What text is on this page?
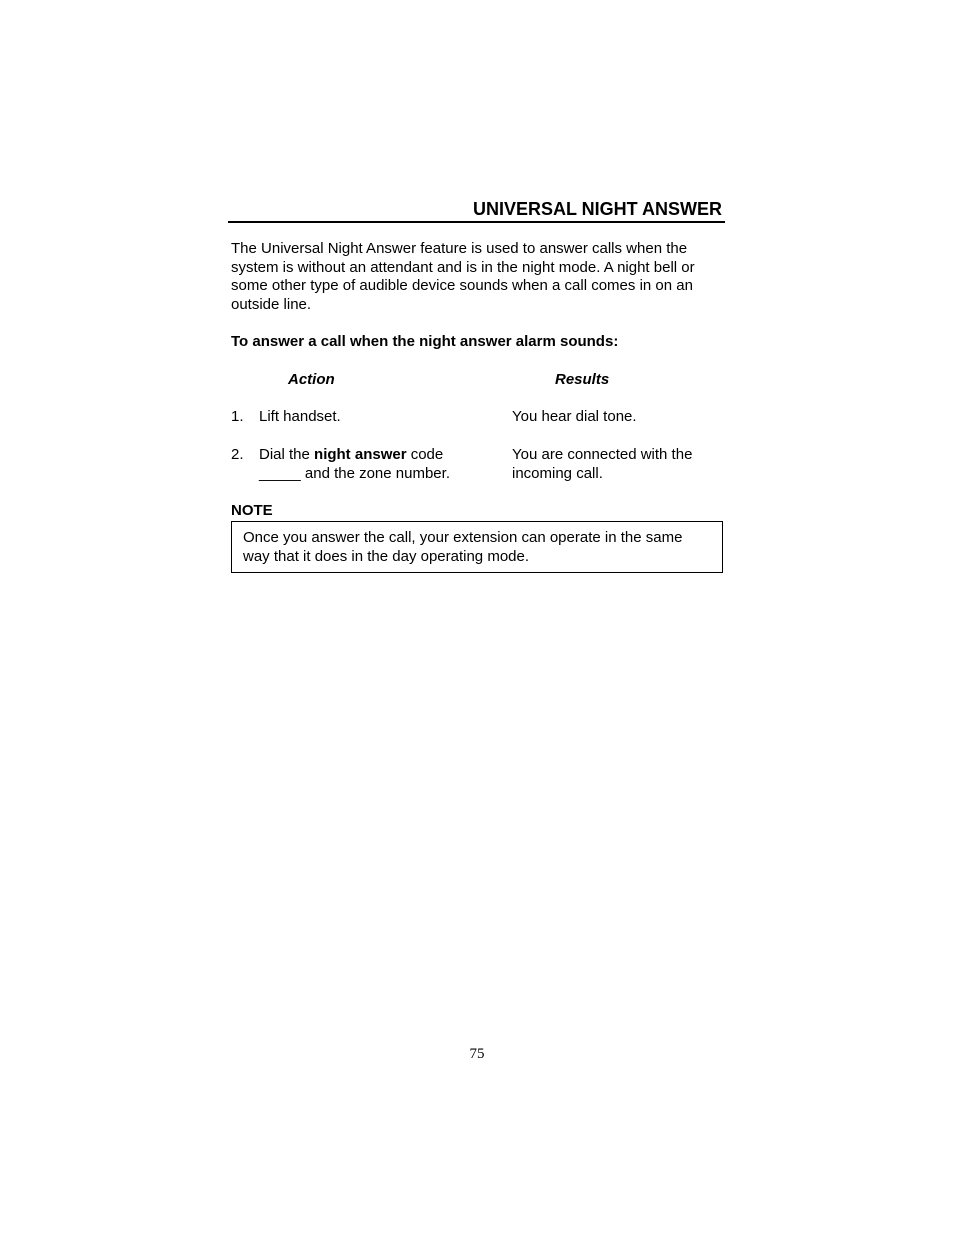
UNIVERSAL NIGHT ANSWER

The Universal Night Answer feature is used to answer calls when the system is without an attendant and is in the night mode. A night bell or some other type of audible device sounds when a call comes in on an outside line.

To answer a call when the night answer alarm sounds:
Action	Results
1. Lift handset.	You hear dial tone.
2. Dial the night answer code _____ and the zone number.
You are connected with the incoming call.
NOTE

Once you answer the call, your extension can operate in the same way that it does in the day operating mode.

75
